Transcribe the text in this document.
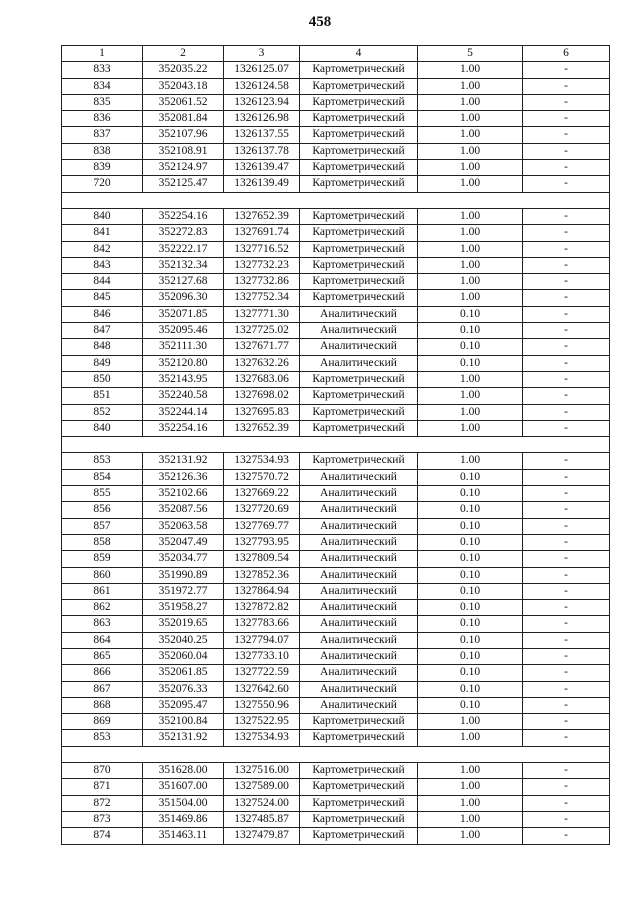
458
1	2	3	4	5	6
833	352035.22	1326125.07	Картометрический	1.00	-
834	352043.18	1326124.58	Картометрический	1.00	-
835	352061.52	1326123.94	Картометрический	1.00	-
836	352081.84	1326126.98	Картометрический	1.00	-
837	352107.96	1326137.55	Картометрический	1.00	-
838	352108.91	1326137.78	Картометрический	1.00	-
839	352124.97	1326139.47	Картометрический	1.00	-
720	352125.47	1326139.49	Картометрический	1.00	-

840	352254.16	1327652.39	Картометрический	1.00	-
841	352272.83	1327691.74	Картометрический	1.00	-
842	352222.17	1327716.52	Картометрический	1.00	-
843	352132.34	1327732.23	Картометрический	1.00	-
844	352127.68	1327732.86	Картометрический	1.00	-
845	352096.30	1327752.34	Картометрический	1.00	-
846	352071.85	1327771.30	Аналитический	0.10	-
847	352095.46	1327725.02	Аналитический	0.10	-
848	352111.30	1327671.77	Аналитический	0.10	-
849	352120.80	1327632.26	Аналитический	0.10	-
850	352143.95	1327683.06	Картометрический	1.00	-
851	352240.58	1327698.02	Картометрический	1.00	-
852	352244.14	1327695.83	Картометрический	1.00	-
840	352254.16	1327652.39	Картометрический	1.00	-

853	352131.92	1327534.93	Картометрический	1.00	-
854	352126.36	1327570.72	Аналитический	0.10	-
855	352102.66	1327669.22	Аналитический	0.10	-
856	352087.56	1327720.69	Аналитический	0.10	-
857	352063.58	1327769.77	Аналитический	0.10	-
858	352047.49	1327793.95	Аналитический	0.10	-
859	352034.77	1327809.54	Аналитический	0.10	-
860	351990.89	1327852.36	Аналитический	0.10	-
861	351972.77	1327864.94	Аналитический	0.10	-
862	351958.27	1327872.82	Аналитический	0.10	-
863	352019.65	1327783.66	Аналитический	0.10	-
864	352040.25	1327794.07	Аналитический	0.10	-
865	352060.04	1327733.10	Аналитический	0.10	-
866	352061.85	1327722.59	Аналитический	0.10	-
867	352076.33	1327642.60	Аналитический	0.10	-
868	352095.47	1327550.96	Аналитический	0.10	-
869	352100.84	1327522.95	Картометрический	1.00	-
853	352131.92	1327534.93	Картометрический	1.00	-

870	351628.00	1327516.00	Картометрический	1.00	-
871	351607.00	1327589.00	Картометрический	1.00	-
872	351504.00	1327524.00	Картометрический	1.00	-
873	351469.86	1327485.87	Картометрический	1.00	-
874	351463.11	1327479.87	Картометрический	1.00	-
